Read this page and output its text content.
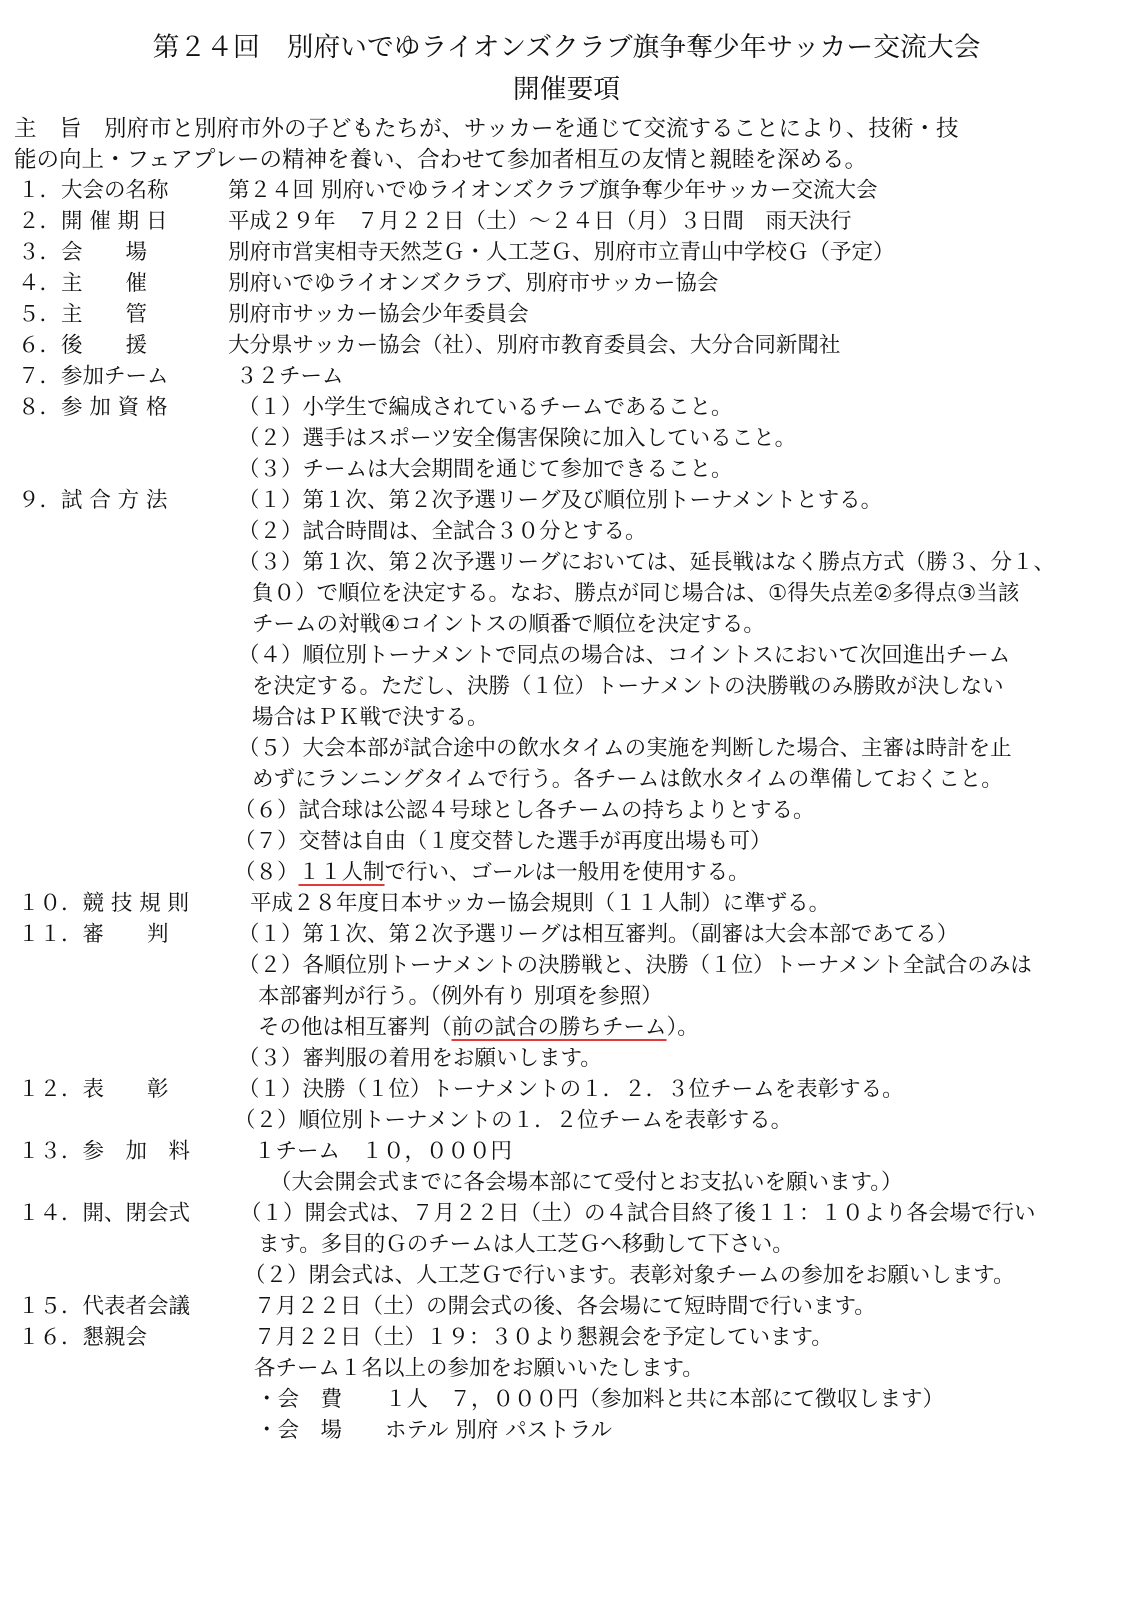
第２４回　別府いでゆライオンズクラブ旗争奪少年サッカー交流大会
開催要項
主　旨　別府市と別府市外の子どもたちが、サッカーを通じて交流することにより、技術・技
能の向上・フェアプレーの精神を養い、合わせて参加者相互の友情と親睦を深める。
１．大会の名称	第２４回 別府いでゆライオンズクラブ旗争奪少年サッカー交流大会
２．開 催 期 日	平成２９年　７月２２日（土）～２４日（月）３日間　雨天決行
３．会　　場	別府市営実相寺天然芝Ｇ・人工芝Ｇ、別府市立青山中学校Ｇ（予定）
４．主　　催	別府いでゆライオンズクラブ、別府市サッカー協会
５．主　　管	別府市サッカー協会少年委員会
６．後　　援	大分県サッカー協会（社）、別府市教育委員会、大分合同新聞社
７．参加チーム	３２チーム
８．参 加 資 格	（１）小学生で編成されているチームであること。
（２）選手はスポーツ安全傷害保険に加入していること。
（３）チームは大会期間を通じて参加できること。
９．試 合 方 法	（１）第１次、第２次予選リーグ及び順位別トーナメントとする。
（２）試合時間は、全試合３０分とする。
（３）第１次、第２次予選リーグにおいては、延長戦はなく勝点方式（勝３、分１、
負０）で順位を決定する。なお、勝点が同じ場合は、①得失点差②多得点③当該
チームの対戦④コイントスの順番で順位を決定する。
（４）順位別トーナメントで同点の場合は、コイントスにおいて次回進出チーム
を決定する。ただし、決勝（１位）トーナメントの決勝戦のみ勝敗が決しない
場合はＰＫ戦で決する。
（５）大会本部が試合途中の飲水タイムの実施を判断した場合、主審は時計を止
めずにランニングタイムで行う。各チームは飲水タイムの準備しておくこと。
（６）試合球は公認４号球とし各チームの持ちよりとする。
（７）交替は自由（１度交替した選手が再度出場も可）
（８）１１人制で行い、ゴールは一般用を使用する。
１０．競 技 規 則	平成２８年度日本サッカー協会規則（１１人制）に準ずる。
１１．審　　判	（１）第１次、第２次予選リーグは相互審判。（副審は大会本部であてる）
（２）各順位別トーナメントの決勝戦と、決勝（１位）トーナメント全試合のみは
本部審判が行う。（例外有り 別項を参照）
その他は相互審判（前の試合の勝ちチーム）。
（３）審判服の着用をお願いします。
１２．表　　彰	（１）決勝（１位）トーナメントの１．２．３位チームを表彰する。
（２）順位別トーナメントの１．２位チームを表彰する。
１３．参　加　料	１チーム　１０，０００円
（大会開会式までに各会場本部にて受付とお支払いを願います。）
１４．開、閉会式 （１）開会式は、７月２２日（土）の４試合目終了後１１：１０より各会場で行い
ます。多目的Ｇのチームは人工芝Ｇへ移動して下さい。
（２）閉会式は、人工芝Ｇで行います。表彰対象チームの参加をお願いします。
１５．代表者会議	７月２２日（土）の開会式の後、各会場にて短時間で行います。
１６．懇親会	７月２２日（土）１９：３０より懇親会を予定しています。
各チーム１名以上の参加をお願いいたします。
・会　費　　１人　７，０００円（参加料と共に本部にて徴収します）
・会　場　　ホテル 別府 パストラル
